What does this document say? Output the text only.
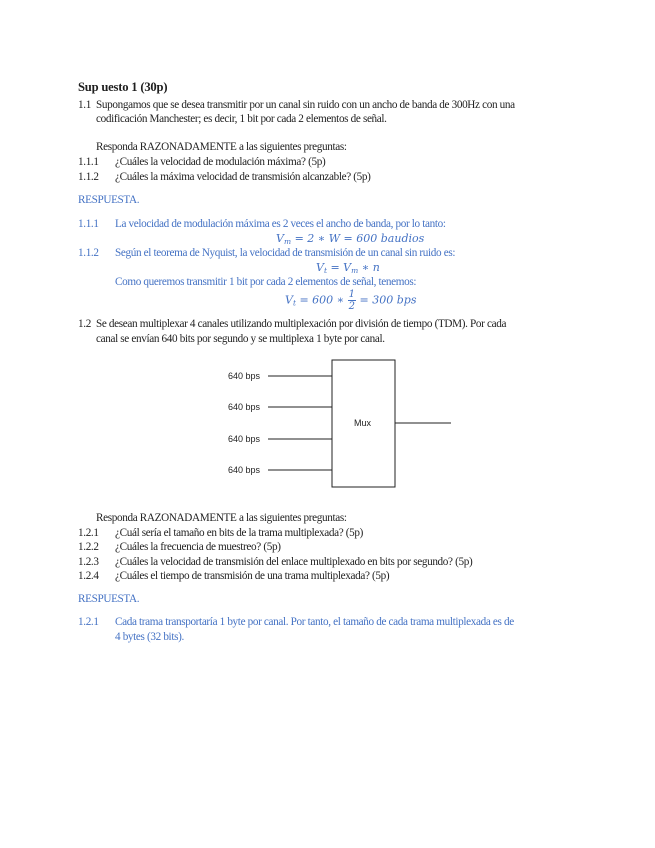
Sup uesto 1 (30p)
1.1 Supongamos que se desea transmitir por un canal sin ruido con un ancho de banda de 300Hz con una
codificación Manchester; es decir, 1 bit por cada 2 elementos de señal.
Responda RAZONADAMENTE a las siguientes preguntas:
1.1.1 ¿Cuáles la velocidad de modulación máxima? (5p)
1.1.2 ¿Cuáles la máxima velocidad de transmisión alcanzable? (5p)
RESPUESTA.
1.1.1 La velocidad de modulación máxima es 2 veces el ancho de banda, por lo tanto:
$V_m = 2$ ∗ W = 600 baudios
1.1.2 Según el teorema de Nyquist, la velocidad de transmisión de un canal sin ruido es:
$V_t = V_m$ ∗ n
Como queremos transmitir 1 bit por cada 2 elementos de señal, tenemos:
$V_t = 600$ ∗ $\frac{1}{2} = 300$ bps
1.2 Se desean multiplexar 4 canales utilizando multiplexación por división de tiempo (TDM). Por cada
canal se envían 640 bits por segundo y se multiplexa 1 byte por canal.
640 bps
640 bps
640 bps
640 bps
Mux
Responda RAZONADAMENTE a las siguientes preguntas:
1.2.1 ¿Cuál sería el tamaño en bits de la trama multiplexada? (5p)
1.2.2 ¿Cuáles la frecuencia de muestreo? (5p)
1.2.3 ¿Cuáles la velocidad de transmisión del enlace multiplexado en bits por segundo? (5p)
1.2.4 ¿Cuáles el tiempo de transmisión de una trama multiplexada? (5p)
RESPUESTA.
1.2.1 Cada trama transportaría 1 byte por canal. Por tanto, el tamaño de cada trama multiplexada es de
4 bytes (32 bits).
